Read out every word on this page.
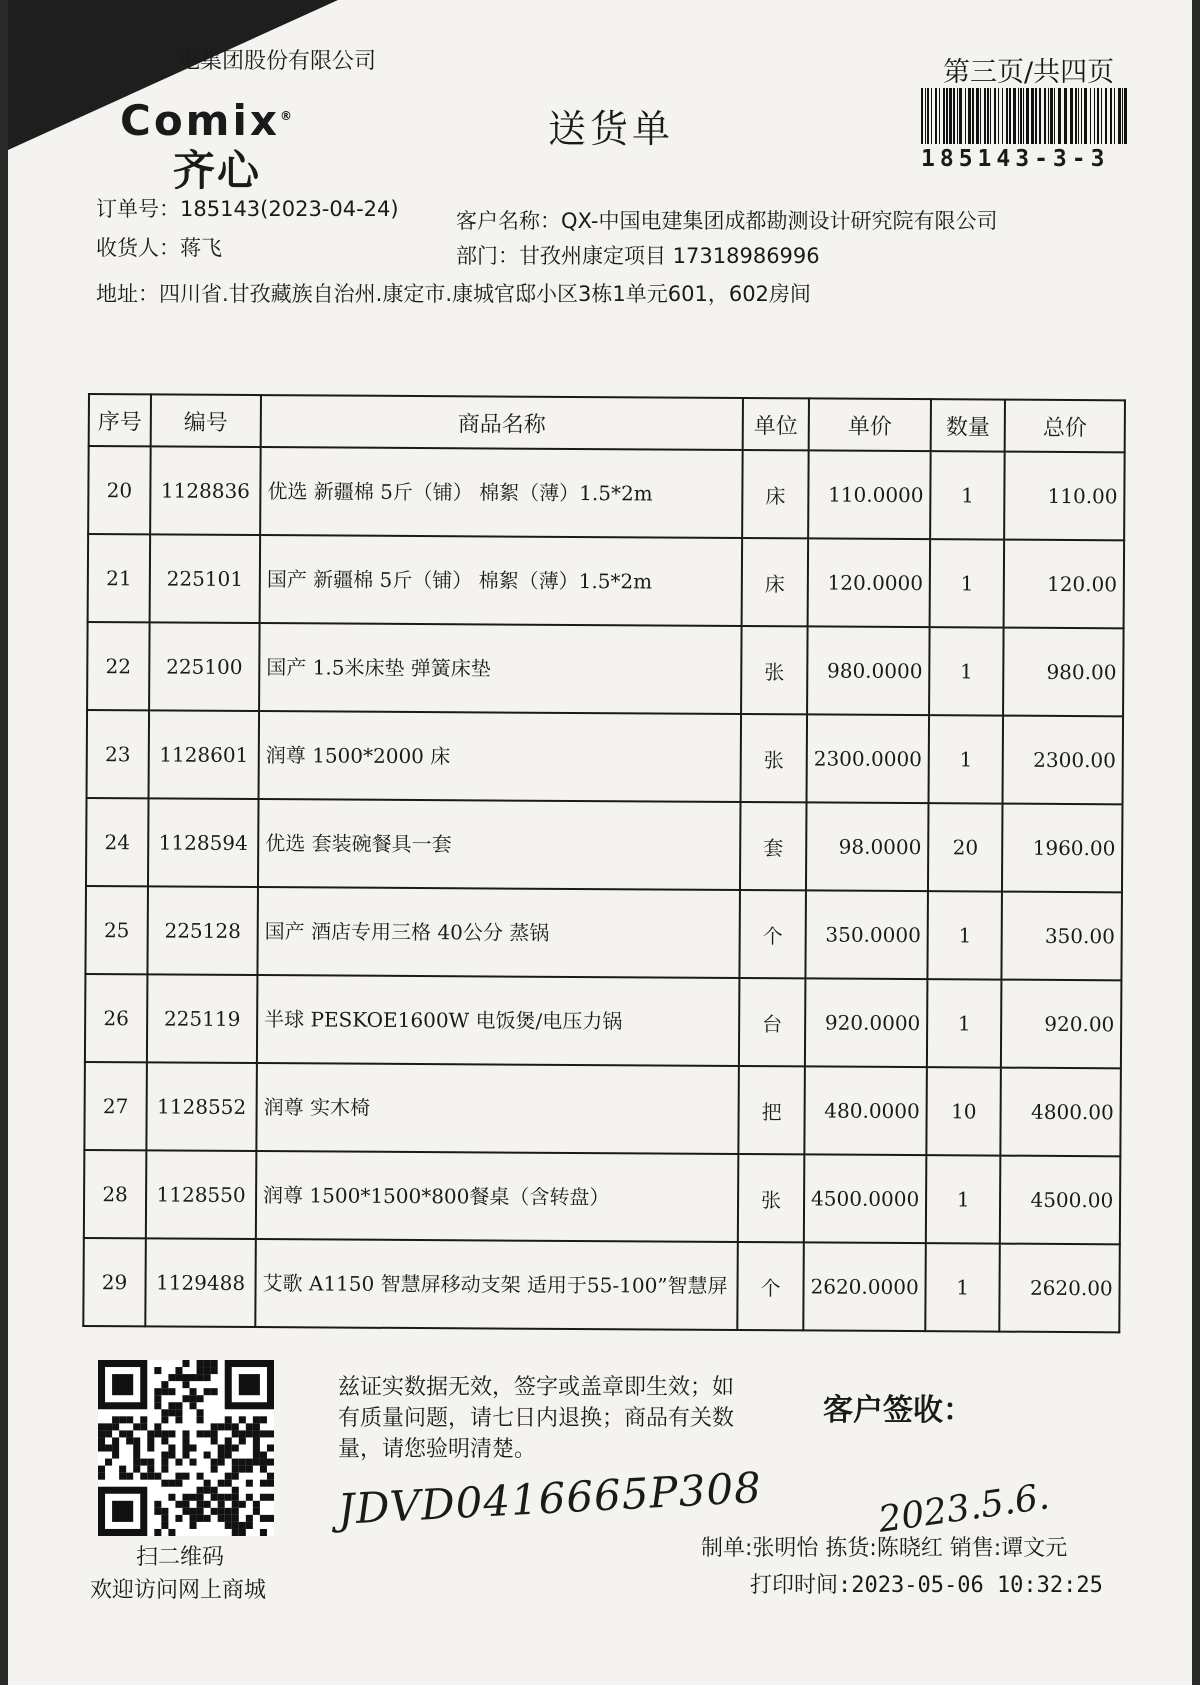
电集团股份有限公司
Comix®
齐心
送货单
第三页/共四页
185143-3-3
订单号：185143(2023-04-24)
收货人：蒋飞
地址：四川省.甘孜藏族自治州.康定市.康城官邸小区3栋1单元601，602房间
客户名称：QX-中国电建集团成都勘测设计研究院有限公司
部门：甘孜州康定项目 17318986996
序号	编号	商品名称	单位	单价	数量	总价
20	1128836	优选 新疆棉 5斤（铺） 棉絮（薄）1.5*2m	床	110.0000	1	110.00
21	225101	国产 新疆棉 5斤（铺） 棉絮（薄）1.5*2m	床	120.0000	1	120.00
22	225100	国产 1.5米床垫 弹簧床垫	张	980.0000	1	980.00
23	1128601	润尊 1500*2000 床	张	2300.0000	1	2300.00
24	1128594	优选 套装碗餐具一套	套	98.0000	20	1960.00
25	225128	国产 酒店专用三格 40公分 蒸锅	个	350.0000	1	350.00
26	225119	半球 PESKOE1600W 电饭煲/电压力锅	台	920.0000	1	920.00
27	1128552	润尊 实木椅	把	480.0000	10	4800.00
28	1128550	润尊 1500*1500*800餐桌（含转盘）	张	4500.0000	1	4500.00
29	1129488	艾歌 A1150 智慧屏移动支架 适用于55-100”智慧屏	个	2620.0000	1	2620.00
扫二维码
欢迎访问网上商城
兹证实数据无效，签字或盖章即生效；如有质量问题，请七日内退换；商品有关数量，请您验明清楚。
JDVD0416665P308
客户签收：
2023.5.6.
制单:张明怡 拣货:陈晓红 销售:谭文元
打印时间:2023-05-06 10:32:25
